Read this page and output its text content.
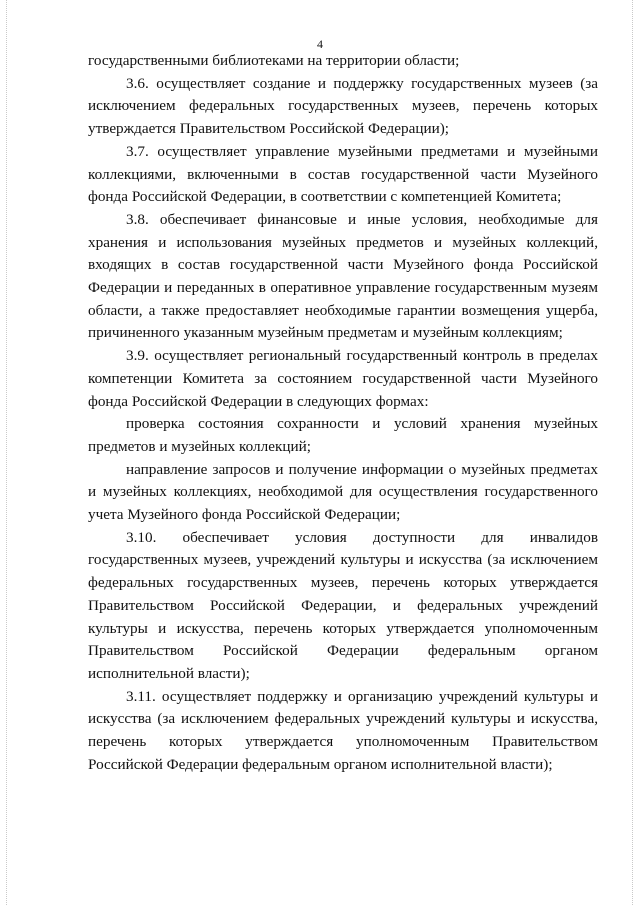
4

государственными библиотеками на территории области;

3.6. осуществляет создание и поддержку государственных музеев (за исключением федеральных государственных музеев, перечень которых утверждается Правительством Российской Федерации);

3.7. осуществляет управление музейными предметами и музейными коллекциями, включенными в состав государственной части Музейного фонда Российской Федерации, в соответствии с компетенцией Комитета;

3.8. обеспечивает финансовые и иные условия, необходимые для хранения и использования музейных предметов и музейных коллекций, входящих в состав государственной части Музейного фонда Российской Федерации и переданных в оперативное управление государственным музеям области, а также предоставляет необходимые гарантии возмещения ущерба, причиненного указанным музейным предметам и музейным коллекциям;

3.9. осуществляет региональный государственный контроль в пределах компетенции Комитета за состоянием государственной части Музейного фонда Российской Федерации в следующих формах:

проверка состояния сохранности и условий хранения музейных предметов и музейных коллекций;

направление запросов и получение информации о музейных предметах и музейных коллекциях, необходимой для осуществления государственного учета Музейного фонда Российской Федерации;

3.10. обеспечивает условия доступности для инвалидов государственных музеев, учреждений культуры и искусства (за исключением федеральных государственных музеев, перечень которых утверждается Правительством Российской Федерации, и федеральных учреждений культуры и искусства, перечень которых утверждается уполномоченным Правительством Российской Федерации федеральным органом исполнительной власти);

3.11. осуществляет поддержку и организацию учреждений культуры и искусства (за исключением федеральных учреждений культуры и искусства, перечень которых утверждается уполномоченным Правительством Российской Федерации федеральным органом исполнительной власти);
